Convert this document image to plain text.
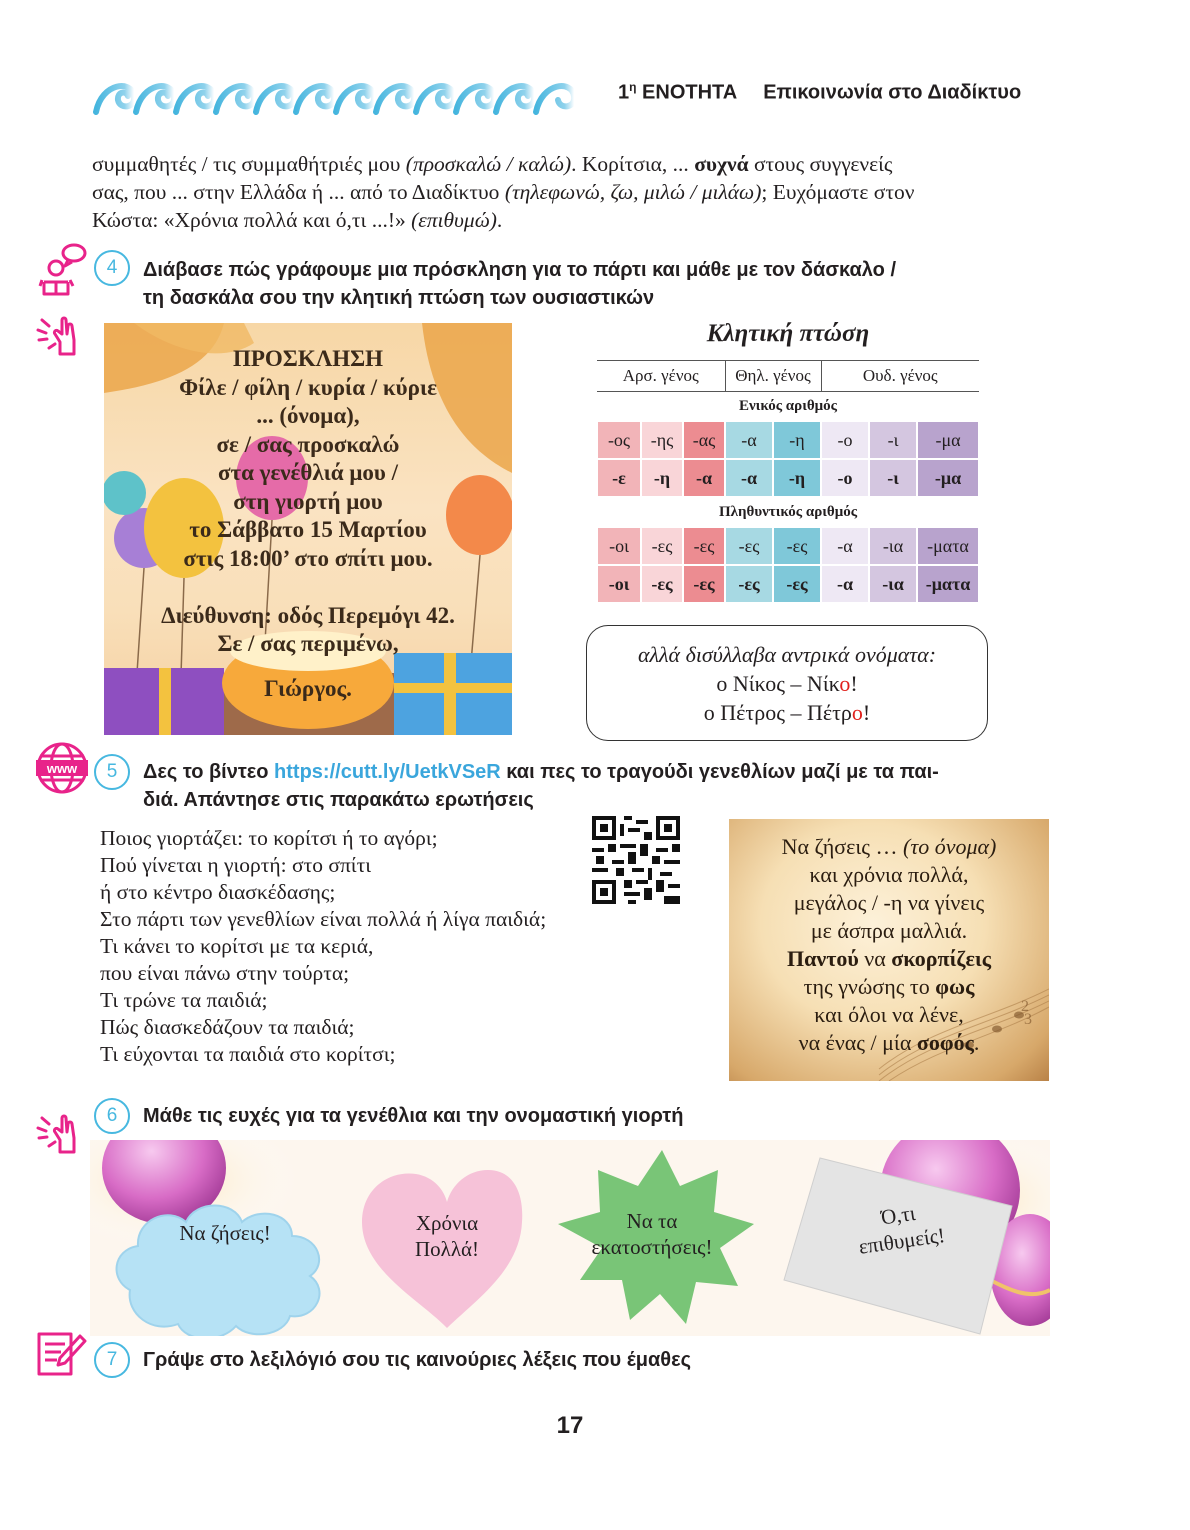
$1^\eta$ ΕΝΟΤΗΤΑ Επικοινωνία στο Διαδίκτυο
συμμαθητές / τις συμμαθήτριές μου (προσκαλώ / καλώ). Κορίτσια, ... συχνά στους συγγενείς
σας, που ... στην Ελλάδα ή ... από το Διαδίκτυο (τηλεφωνώ, ζω, μιλώ / μιλάω); Ευχόμαστε στον
Κώστα: «Χρόνια πολλά και ό,τι ...!» (επιθυμώ).
4	Διάβασε πώς γράφουμε μια πρόσκληση για το πάρτι και μάθε με τον δάσκαλο /
τη δασκάλα σου την κλητική πτώση των ουσιαστικών
ΠΡΟΣΚΛΗΣΗ
Φίλε / φίλη / κυρία / κύριε
... (όνομα),
σε / σας προσκαλώ
στα γενέθλιά μου /
στη γιορτή μου
το Σάββατο 15 Μαρτίου
στις 18:00’ στο σπίτι μου.
Διεύθυνση: οδός Περεμόγι 42.
Σε / σας περιμένω,
Γιώργος.
Κλητική πτώση
Αρσ. γένος			Θηλ. γένος		Ουδ. γένος		
Ενικός αριθμός							
-ος	-ης	-ας	-α	-η	-ο	-ι	-μα
-ε	-η	-α	-α	-η	-ο	-ι	-μα
Πληθυντικός αριθμός							
-οι	-ες	-ες	-ες	-ες	-α	-ια	-ματα
-οι	-ες	-ες	-ες	-ες	-α	-ια	-ματα
αλλά δισύλλαβα αντρικά ονόματα:
ο Νίκος – Νίκο!
ο Πέτρος – Πέτρο!
www	5	Δες το βίντεο https://cutt.ly/UetkVSeR και πες το τραγούδι γενεθλίων μαζί με τα παι-
διά. Απάντησε στις παρακάτω ερωτήσεις
Ποιος γιορτάζει: το κορίτσι ή το αγόρι;
Πού γίνεται η γιορτή: στο σπίτι
ή στο κέντρο διασκέδασης;
Στο πάρτι των γενεθλίων είναι πολλά ή λίγα παιδιά;
Τι κάνει το κορίτσι με τα κεριά,
που είναι πάνω στην τούρτα;
Τι τρώνε τα παιδιά;
Πώς διασκεδάζουν τα παιδιά;
Τι εύχονται τα παιδιά στο κορίτσι;
2
3
Να ζήσεις … (το όνομα)
και χρόνια πολλά,
μεγάλος / -η να γίνεις
με άσπρα μαλλιά.
Παντού να σκορπίζεις
της γνώσης το φως
και όλοι να λένε,
να ένας / μία σοφός.
6	Μάθε τις ευχές για τα γενέθλια και την ονομαστική γιορτή
Να ζήσεις!	Χρόνια
Πολλά!
Να τα
εκατοστήσεις!
Ό,τι
επιθυμείς!
7	Γράψε στο λεξιλόγιό σου τις καινούριες λέξεις που έμαθες
17
